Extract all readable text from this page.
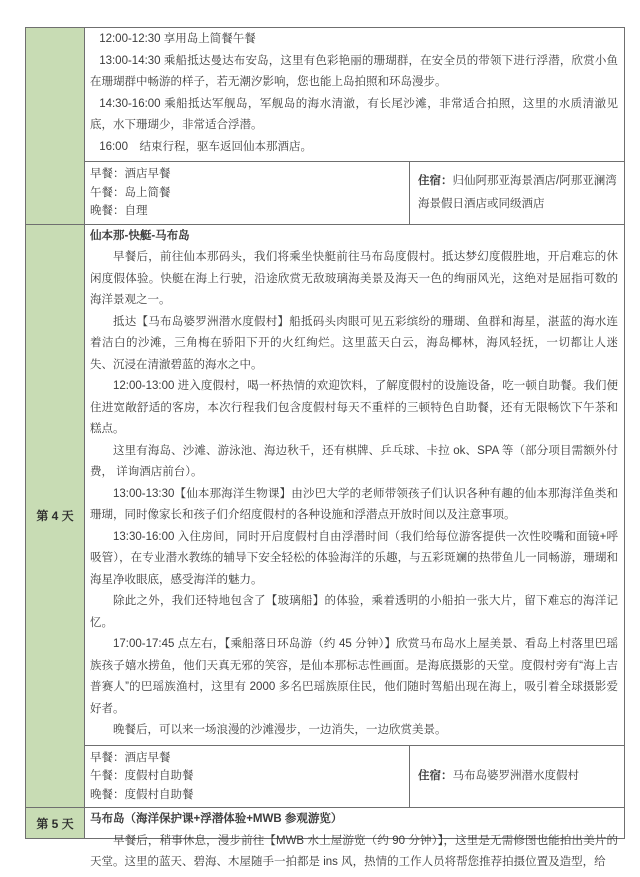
12:00-12:30 享用岛上简餐午餐

13:00-14:30 乘船抵达曼达布安岛，这里有色彩艳丽的珊瑚群，在安全员的带领下进行浮潜，欣赏小鱼在珊瑚群中畅游的样子，若无潮汐影响，您也能上岛拍照和环岛漫步。

14:30-16:00 乘船抵达军舰岛，军舰岛的海水清澈，有长尾沙滩，非常适合拍照，这里的水质清澈见底，水下珊瑚少，非常适合浮潜。

16:00　结束行程，驱车返回仙本那酒店。

早餐：酒店早餐

午餐：岛上简餐

晚餐：自理

住宿：归仙阿那亚海景酒店/阿那亚澜湾海景假日酒店或同级酒店

第 4 天

仙本那-快艇-马布岛

早餐后，前往仙本那码头，我们将乘坐快艇前往马布岛度假村。抵达梦幻度假胜地，开启难忘的休闲度假体验。快艇在海上行驶，沿途欣赏无敌玻璃海美景及海天一色的绚丽风光，这绝对是屈指可数的海洋景观之一。

抵达【马布岛婆罗洲潜水度假村】船抵码头肉眼可见五彩缤纷的珊瑚、鱼群和海星，湛蓝的海水连着洁白的沙滩，三角梅在骄阳下开的火红绚烂。这里蓝天白云，海岛椰林，海风轻抚，一切都让人迷失、沉浸在清澈碧蓝的海水之中。

12:00-13:00 进入度假村，喝一杯热情的欢迎饮料，了解度假村的设施设备，吃一顿自助餐。我们便住进宽敞舒适的客房，本次行程我们包含度假村每天不重样的三顿特色自助餐，还有无限畅饮下午茶和糕点。

这里有海岛、沙滩、游泳池、海边秋千，还有棋牌、乒乓球、卡拉 ok、SPA 等（部分项目需额外付费， 详询酒店前台）。

13:00-13:30【仙本那海洋生物课】由沙巴大学的老师带领孩子们认识各种有趣的仙本那海洋鱼类和珊瑚，同时像家长和孩子们介绍度假村的各种设施和浮潜点开放时间以及注意事项。

13:30-16:00 入住房间，同时开启度假村自由浮潜时间（我们给每位游客提供一次性咬嘴和面镜+呼吸管），在专业潜水教练的辅导下安全轻松的体验海洋的乐趣，与五彩斑斓的热带鱼儿一同畅游，珊瑚和海星净收眼底，感受海洋的魅力。

除此之外，我们还特地包含了【玻璃船】的体验，乘着透明的小船拍一张大片，留下难忘的海洋记忆。

17:00-17:45 点左右，【乘船落日环岛游（约 45 分钟）】欣赏马布岛水上屋美景、看岛上村落里巴瑶族孩子嬉水捞鱼，他们天真无邪的笑容，是仙本那标志性画面。是海底摄影的天堂。度假村旁有“海上吉普赛人”的巴瑶族渔村，这里有 2000 多名巴瑶族原住民，他们随时驾船出现在海上，吸引着全球摄影爱好者。

晚餐后，可以来一场浪漫的沙滩漫步，一边消失，一边欣赏美景。

早餐：酒店早餐

午餐：度假村自助餐

晚餐：度假村自助餐

住宿：马布岛婆罗洲潜水度假村

第 5 天 马布岛（海洋保护课+浮潜体验+MWB 参观游览）

早餐后，稍事休息，漫步前往【MWB 水上屋游览（约 90 分钟）】，这里是无需修图也能拍出美片的天堂。这里的蓝天、碧海、木屋随手一拍都是 ins 风，热情的工作人员将帮您推荐拍摄位置及造型，给
